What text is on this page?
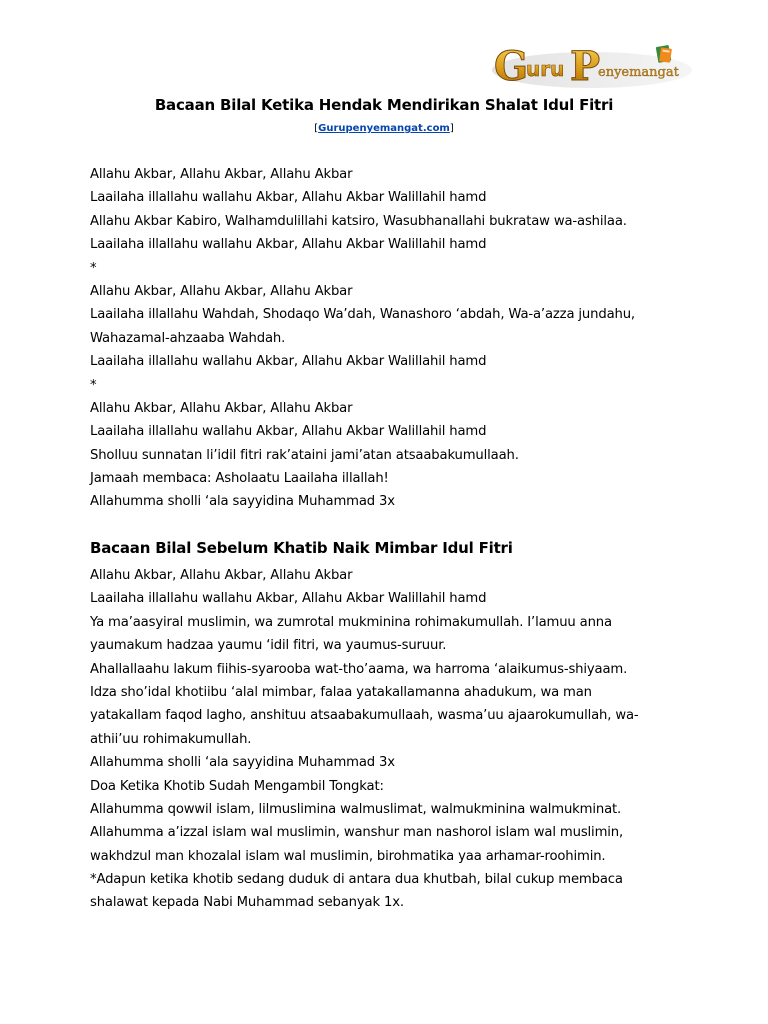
G
uru P
enyemangat
Bacaan Bilal Ketika Hendak Mendirikan Shalat Idul Fitri
[Gurupenyemangat.com]
Allahu Akbar, Allahu Akbar, Allahu Akbar
Laailaha illallahu wallahu Akbar, Allahu Akbar Walillahil hamd
Allahu Akbar Kabiro, Walhamdulillahi katsiro, Wasubhanallahi bukrataw wa-ashilaa.
Laailaha illallahu wallahu Akbar, Allahu Akbar Walillahil hamd
*
Allahu Akbar, Allahu Akbar, Allahu Akbar
Laailaha illallahu Wahdah, Shodaqo Wa’dah, Wanashoro ‘abdah, Wa-a’azza jundahu,
Wahazamal-ahzaaba Wahdah.
Laailaha illallahu wallahu Akbar, Allahu Akbar Walillahil hamd
*
Allahu Akbar, Allahu Akbar, Allahu Akbar
Laailaha illallahu wallahu Akbar, Allahu Akbar Walillahil hamd
Sholluu sunnatan li’idil fitri rak’ataini jami’atan atsaabakumullaah.
Jamaah membaca: Asholaatu Laailaha illallah!
Allahumma sholli ‘ala sayyidina Muhammad 3x
Bacaan Bilal Sebelum Khatib Naik Mimbar Idul Fitri
Allahu Akbar, Allahu Akbar, Allahu Akbar
Laailaha illallahu wallahu Akbar, Allahu Akbar Walillahil hamd
Ya ma’aasyiral muslimin, wa zumrotal mukminina rohimakumullah. I’lamuu anna
yaumakum hadzaa yaumu ‘idil fitri, wa yaumus-suruur.
Ahallallaahu lakum fiihis-syarooba wat-tho’aama, wa harroma ‘alaikumus-shiyaam.
Idza sho’idal khotiibu ‘alal mimbar, falaa yatakallamanna ahadukum, wa man
yatakallam faqod lagho, anshituu atsaabakumullaah, wasma’uu ajaarokumullah, wa-
athii’uu rohimakumullah.
Allahumma sholli ‘ala sayyidina Muhammad 3x
Doa Ketika Khotib Sudah Mengambil Tongkat:
Allahumma qowwil islam, lilmuslimina walmuslimat, walmukminina walmukminat.
Allahumma a’izzal islam wal muslimin, wanshur man nashorol islam wal muslimin,
wakhdzul man khozalal islam wal muslimin, birohmatika yaa arhamar-roohimin.
*Adapun ketika khotib sedang duduk di antara dua khutbah, bilal cukup membaca
shalawat kepada Nabi Muhammad sebanyak 1x.
